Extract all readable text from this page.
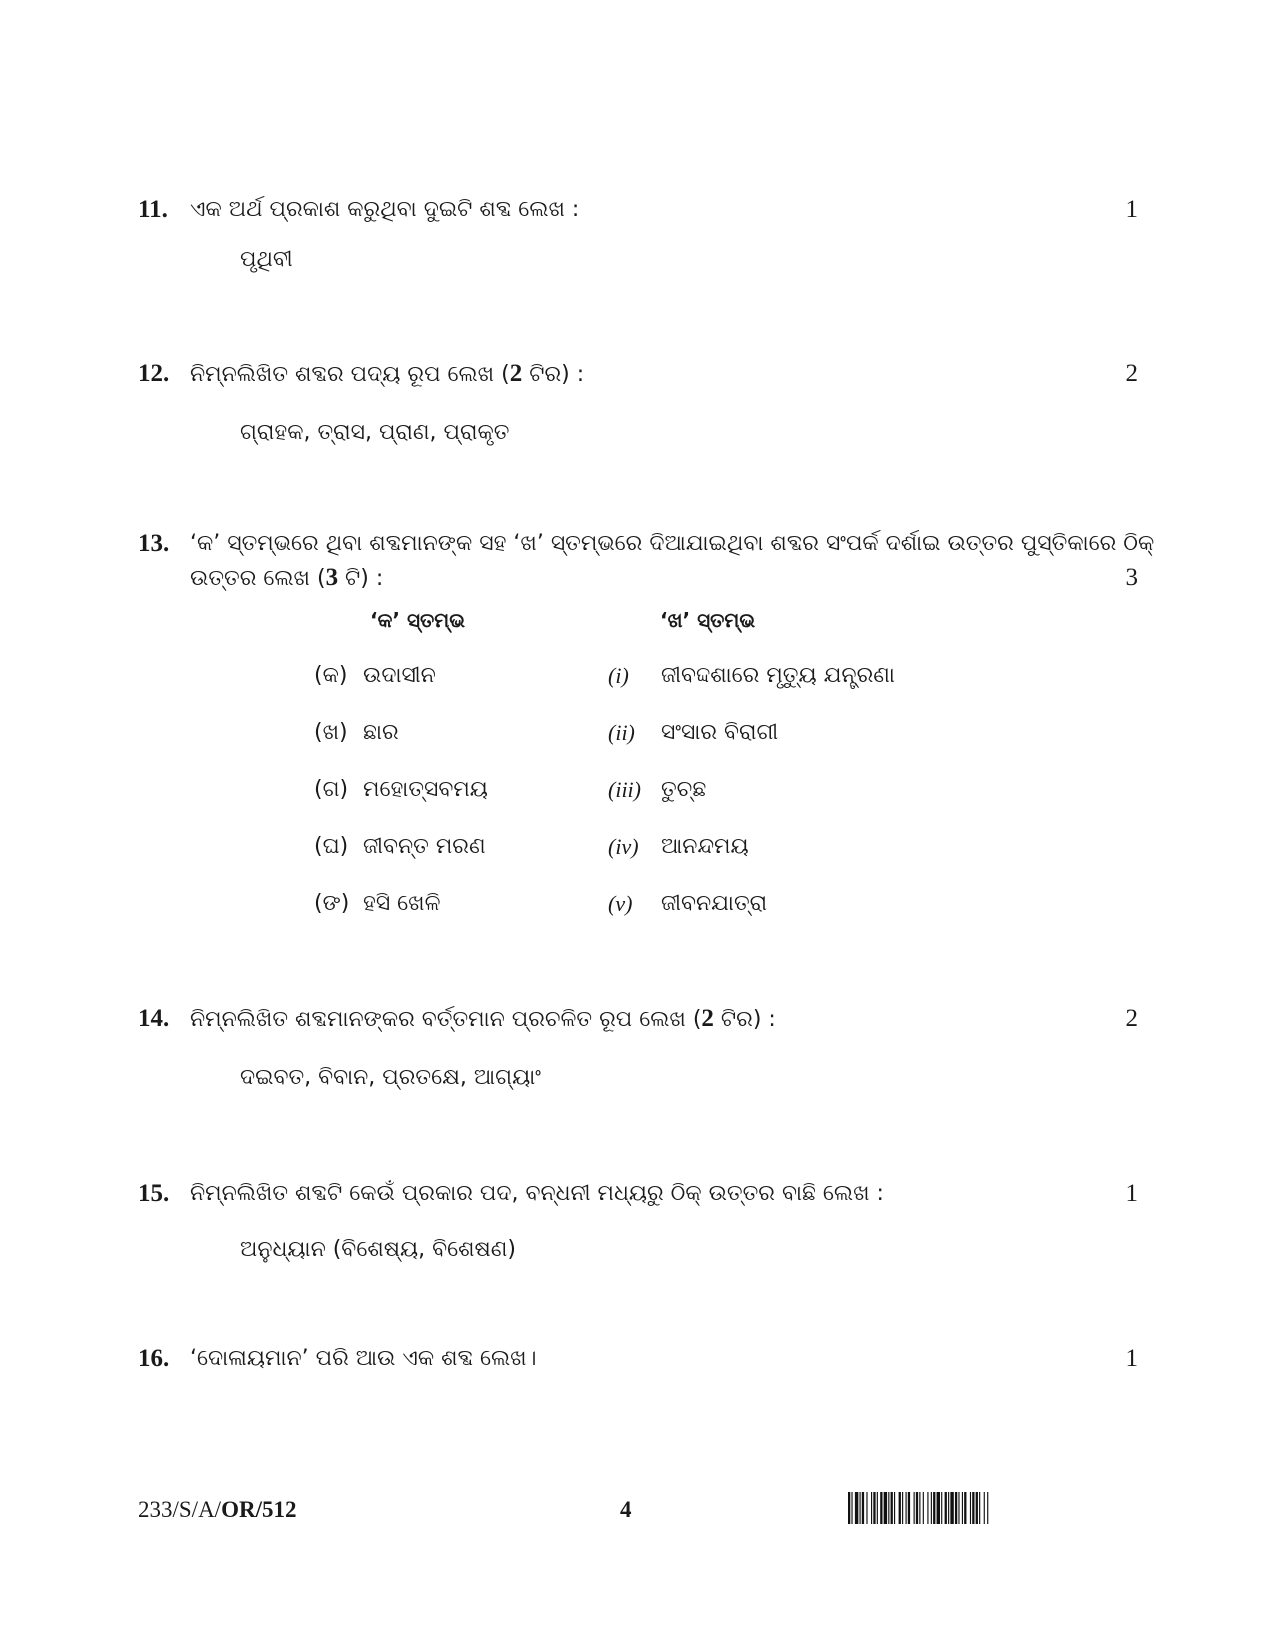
11. ଏକ ଅର୍ଥ ପ୍ରକାଶ କରୁଥିବା ଦୁଇଟି ଶବ୍ଦ ଲେଖ :	1
ପୃଥିବୀ
12. ନିମ୍ନଲିଖିତ ଶବ୍ଦର ପଦ୍ୟ ରୂପ ଲେଖ (2 ଟିର) :	2
ଗ୍ରାହକ, ତ୍ରାସ, ପ୍ରାଣ, ପ୍ରାକୃତ
13. ‘କ’ ସ୍ତମ୍ଭରେ ଥିବା ଶବ୍ଦମାନଙ୍କ ସହ ‘ଖ’ ସ୍ତମ୍ଭରେ ଦିଆଯାଇଥିବା ଶବ୍ଦର ସଂପର୍କ ଦର୍ଶାଇ ଉତ୍ତର ପୁସ୍ତିକାରେ ଠିକ୍
ଉତ୍ତର ଲେଖ (3 ଟି) :	3
‘କ’ ସ୍ତମ୍ଭ	‘ଖ’ ସ୍ତମ୍ଭ
(କ) ଉଦାସୀନ	(i) ଜୀବଦ୍ଦଶାରେ ମୃତ୍ୟୁ ଯନ୍ତ୍ରଣା
(ଖ) ଛାର	(ii) ସଂସାର ବିରାଗୀ
(ଗ) ମହୋତ୍ସବମୟ	(iii) ତୁଚ୍ଛ
(ଘ) ଜୀବନ୍ତ ମରଣ	(iv) ଆନନ୍ଦମୟ
(ଙ) ହସି ଖେଳି	(v) ଜୀବନଯାତ୍ରା
14. ନିମ୍ନଲିଖିତ ଶବ୍ଦମାନଙ୍କର ବର୍ତ୍ତମାନ ପ୍ରଚଳିତ ରୂପ ଲେଖ (2 ଟିର) :	2
ଦଇବତ, ବିବାନ, ପ୍ରତକ୍ଷେ, ଆଗ୍ୟାଂ
15. ନିମ୍ନଲିଖିତ ଶବ୍ଦଟି କେଉଁ ପ୍ରକାର ପଦ, ବନ୍ଧନୀ ମଧ୍ୟରୁ ଠିକ୍ ଉତ୍ତର ବାଛି ଲେଖ :	1
ଅନୁଧ୍ୟାନ (ବିଶେଷ୍ୟ, ବିଶେଷଣ)
16. ‘ଦୋଳାୟମାନ’ ପରି ଆଉ ଏକ ଶବ୍ଦ ଲେଖ।	1
233/S/A/OR/512	4
